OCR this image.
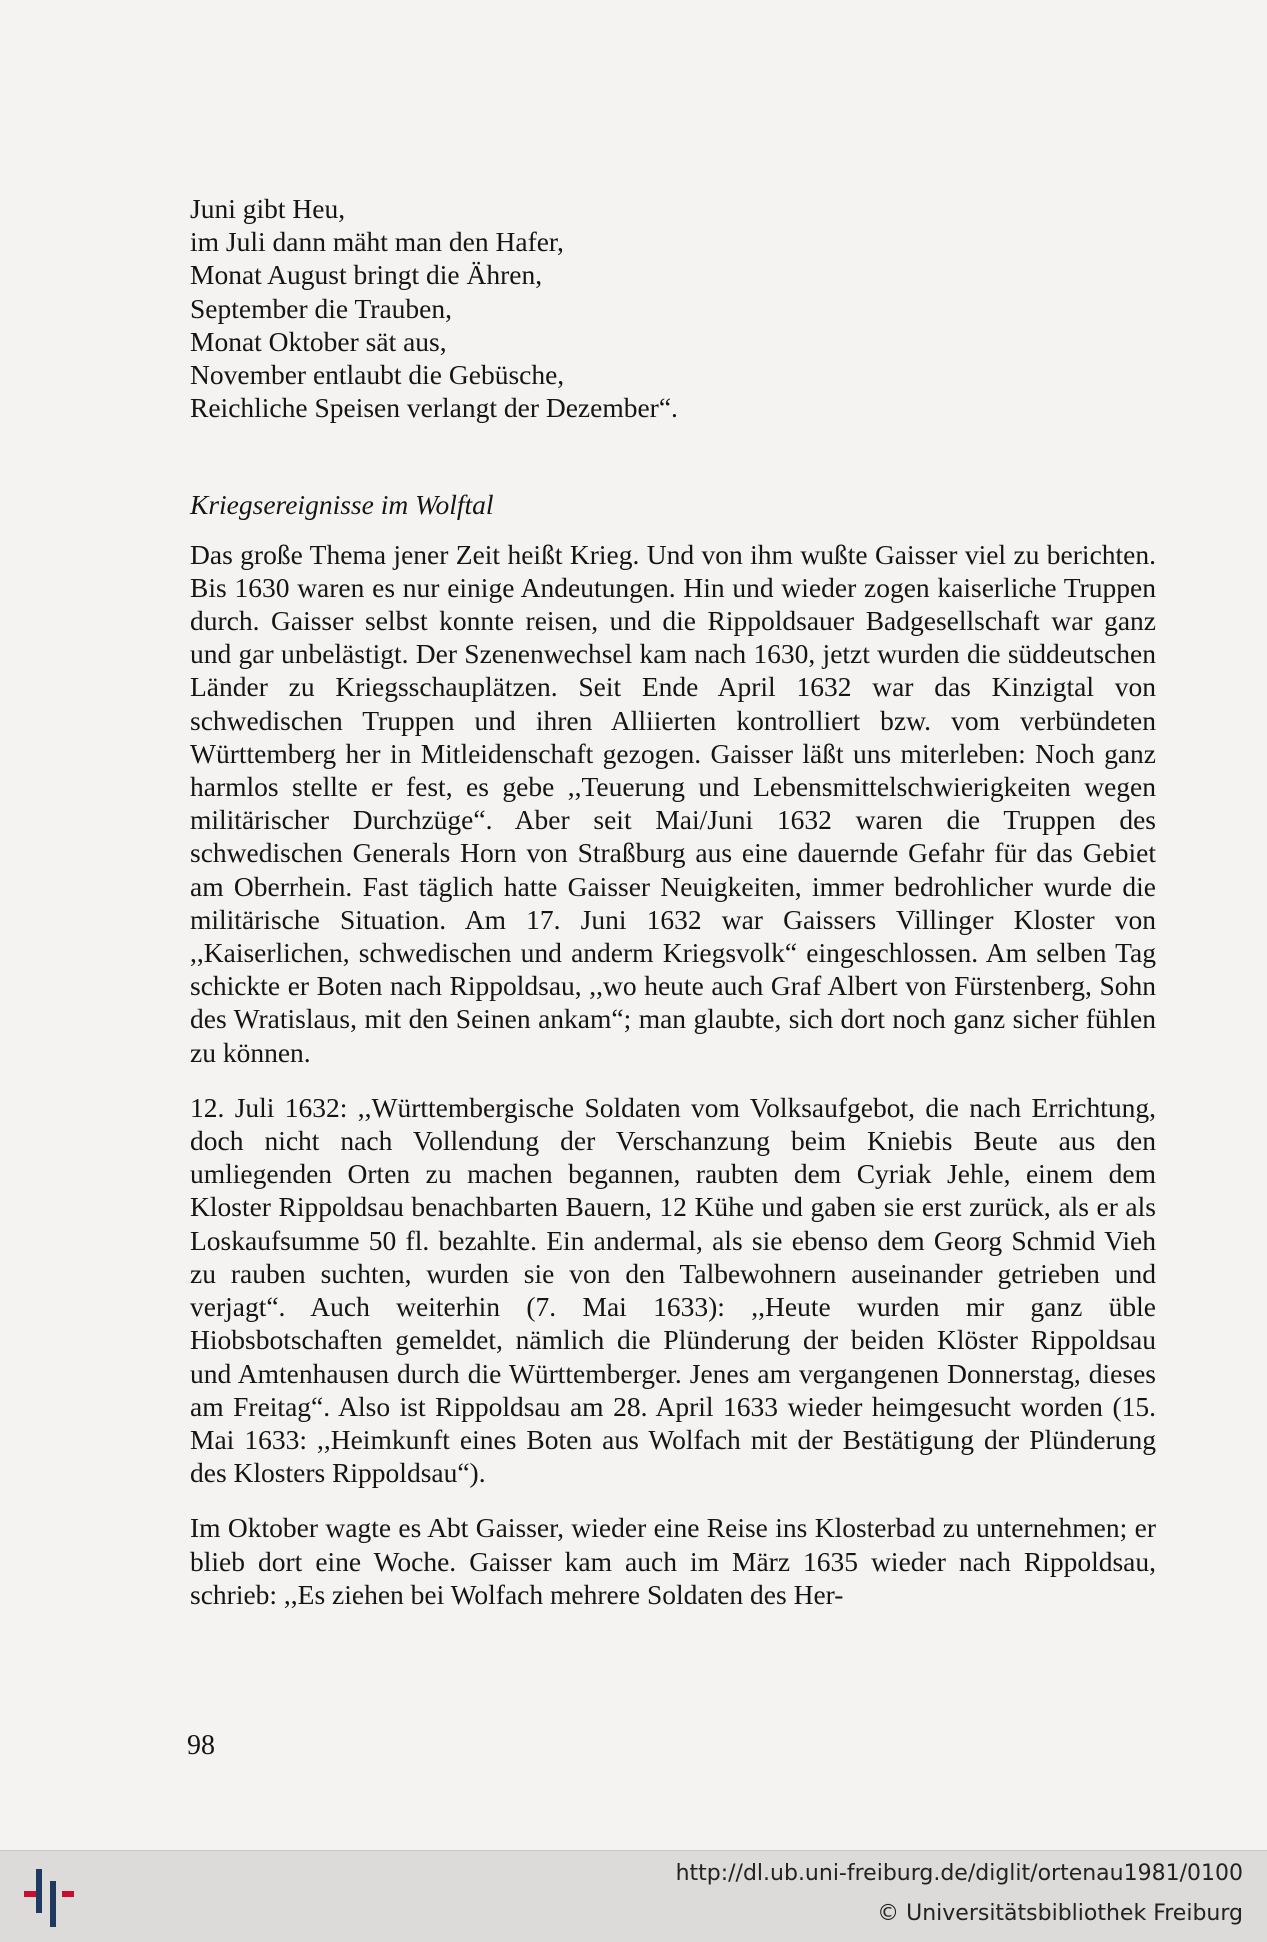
Juni gibt Heu,
im Juli dann mäht man den Hafer,
Monat August bringt die Ähren,
September die Trauben,
Monat Oktober sät aus,
November entlaubt die Gebüsche,
Reichliche Speisen verlangt der Dezember“.
Kriegsereignisse im Wolftal

Das große Thema jener Zeit heißt Krieg. Und von ihm wußte Gaisser viel zu berichten. Bis 1630 waren es nur einige Andeutungen. Hin und wieder zogen kaiserliche Truppen durch. Gaisser selbst konnte reisen, und die Rippoldsauer Badgesellschaft war ganz und gar unbelästigt. Der Szenenwechsel kam nach 1630, jetzt wurden die süddeutschen Länder zu Kriegsschauplätzen. Seit Ende April 1632 war das Kinzigtal von schwedischen Truppen und ihren Alliierten kontrolliert bzw. vom verbündeten Württemberg her in Mitleidenschaft gezogen. Gaisser läßt uns miterleben: Noch ganz harmlos stellte er fest, es gebe ,,Teuerung und Lebensmittelschwierigkeiten wegen militärischer Durchzüge“. Aber seit Mai/Juni 1632 waren die Truppen des schwedischen Generals Horn von Straßburg aus eine dauernde Gefahr für das Gebiet am Oberrhein. Fast täglich hatte Gaisser Neuigkeiten, immer bedrohlicher wurde die militärische Situation. Am 17. Juni 1632 war Gaissers Villinger Kloster von ,,Kaiserlichen, schwedischen und anderm Kriegsvolk“ eingeschlossen. Am selben Tag schickte er Boten nach Rippoldsau, ,,wo heute auch Graf Albert von Fürstenberg, Sohn des Wratislaus, mit den Seinen ankam“; man glaubte, sich dort noch ganz sicher fühlen zu können.

12. Juli 1632: ,,Württembergische Soldaten vom Volksaufgebot, die nach Errichtung, doch nicht nach Vollendung der Verschanzung beim Kniebis Beute aus den umliegenden Orten zu machen begannen, raubten dem Cyriak Jehle, einem dem Kloster Rippoldsau benachbarten Bauern, 12 Kühe und gaben sie erst zurück, als er als Loskaufsumme 50 fl. bezahlte. Ein andermal, als sie ebenso dem Georg Schmid Vieh zu rauben suchten, wurden sie von den Talbewohnern auseinander getrieben und verjagt“. Auch weiterhin (7. Mai 1633): ,,Heute wurden mir ganz üble Hiobsbotschaften gemeldet, nämlich die Plünderung der beiden Klöster Rippoldsau und Amtenhausen durch die Württemberger. Jenes am vergangenen Donnerstag, dieses am Freitag“. Also ist Rippoldsau am 28. April 1633 wieder heimgesucht worden (15. Mai 1633: ,,Heimkunft eines Boten aus Wolfach mit der Bestätigung der Plünderung des Klosters Rippoldsau“).

Im Oktober wagte es Abt Gaisser, wieder eine Reise ins Klosterbad zu unternehmen; er blieb dort eine Woche. Gaisser kam auch im März 1635 wieder nach Rippoldsau, schrieb: ,,Es ziehen bei Wolfach mehrere Soldaten des Her-

98
http://dl.ub.uni-freiburg.de/diglit/ortenau1981/0100
© Universitätsbibliothek Freiburg
